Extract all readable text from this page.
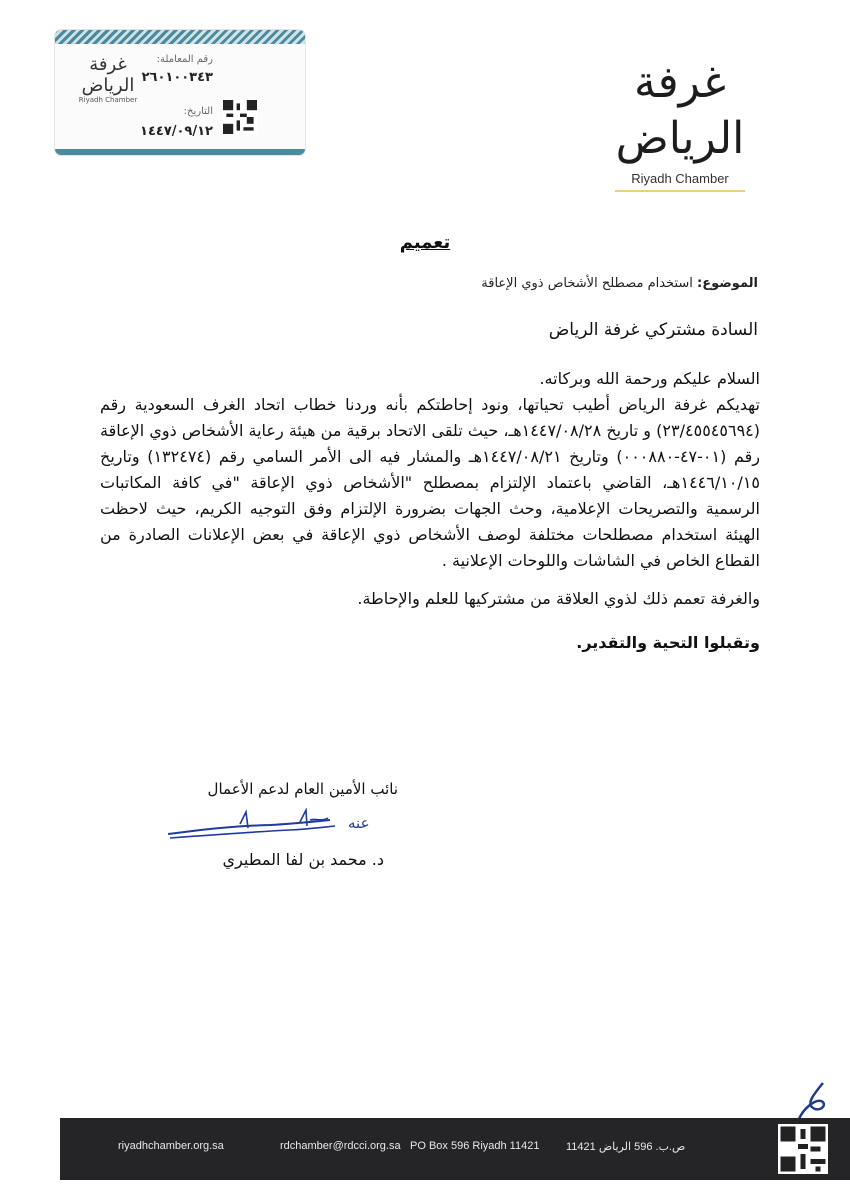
رقم المعاملة:
٢٦٠١٠٠٣٤٣
التاريخ:
١٤٤٧/٠٩/١٢
غرفة الرياض
Riyadh Chamber	غرفة الرياض
Riyadh Chamber
تعميم
الموضوع: استخدام مصطلح الأشخاص ذوي الإعاقة
السادة مشتركي غرفة الرياض

السلام عليكم ورحمة الله وبركاته.

تهديكم غرفة الرياض أطيب تحياتها، ونود إحاطتكم بأنه وردنا خطاب اتحاد الغرف السعودية رقم (٢٣/٤٥٥٤٥٦٩٤) و تاريخ ١٤٤٧/٠٨/٢٨هـ، حيث تلقى الاتحاد برقية من هيئة رعاية الأشخاص ذوي الإعاقة رقم (٠١-٤٧-٠٠٠٨٨٠) وتاريخ ١٤٤٧/٠٨/٢١هـ والمشار فيه الى الأمر السامي رقم (١٣٢٤٧٤) وتاريخ ١٤٤٦/١٠/١٥هـ، القاضي باعتماد الإلتزام بمصطلح "الأشخاص ذوي الإعاقة "في كافة المكاتبات الرسمية والتصريحات الإعلامية، وحث الجهات بضرورة الإلتزام وفق التوجيه الكريم، حيث لاحظت الهيئة استخدام مصطلحات مختلفة لوصف الأشخاص ذوي الإعاقة في بعض الإعلانات الصادرة من القطاع الخاص في الشاشات واللوحات الإعلانية .

والغرفة تعمم ذلك لذوي العلاقة من مشتركيها للعلم والإحاطة.

وتقبلوا التحية والتقدير.

نائب الأمين العام لدعم الأعمال
عنه
د. محمد بن لفا المطيري
riyadhchamber.org.sa	rdchamber@rdcci.org.sa PO Box 596 Riyadh 11421 ص.ب. 596 الرياض 11421
